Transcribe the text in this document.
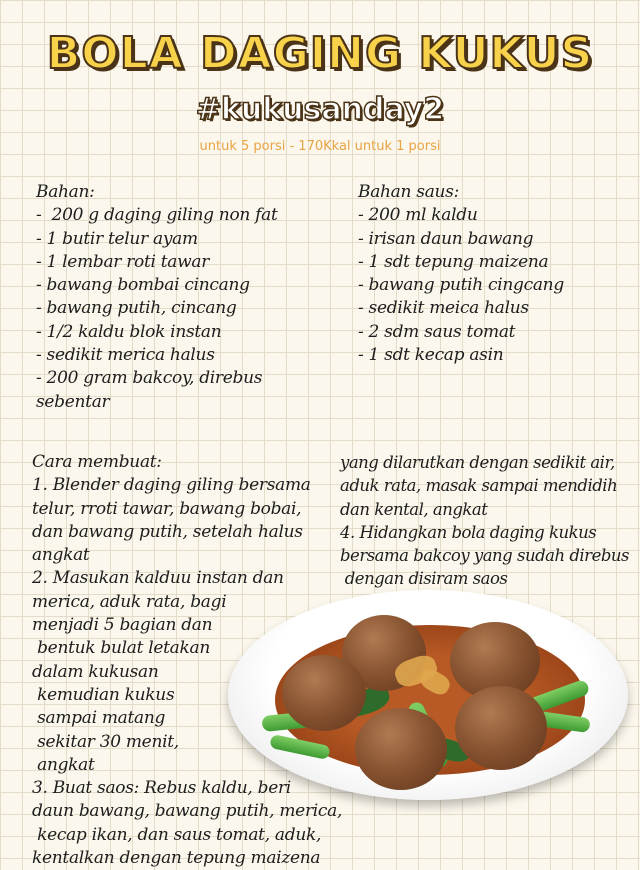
BOLA DAGING KUKUS
#kukusanday2
untuk 5 porsi - 170Kkal untuk 1 porsi
Bahan:
-  200 g daging giling non fat
- 1 butir telur ayam
- 1 lembar roti tawar
- bawang bombai cincang
- bawang putih, cincang
- 1/2 kaldu blok instan
- sedikit merica halus
- 200 gram bakcoy, direbus
sebentar
Bahan saus:
- 200 ml kaldu
- irisan daun bawang
- 1 sdt tepung maizena
- bawang putih cingcang
- sedikit meica halus
- 2 sdm saus tomat
- 1 sdt kecap asin
Cara membuat:
1. Blender daging giling bersama
telur, rroti tawar, bawang bobai,
dan bawang putih, setelah halus
angkat
2. Masukan kalduu instan dan
merica, aduk rata, bagi
menjadi 5 bagian dan
bentuk bulat letakan
dalam kukusan
kemudian kukus
sampai matang
sekitar 30 menit,
angkat
3. Buat saos: Rebus kaldu, beri
daun bawang, bawang putih, merica,
kecap ikan, dan saus tomat, aduk,
kentalkan dengan tepung maizena
yang dilarutkan dengan sedikit air,
aduk rata, masak sampai mendidih
dan kental, angkat
4. Hidangkan bola daging kukus
bersama bakcoy yang sudah direbus
dengan disiram saos
